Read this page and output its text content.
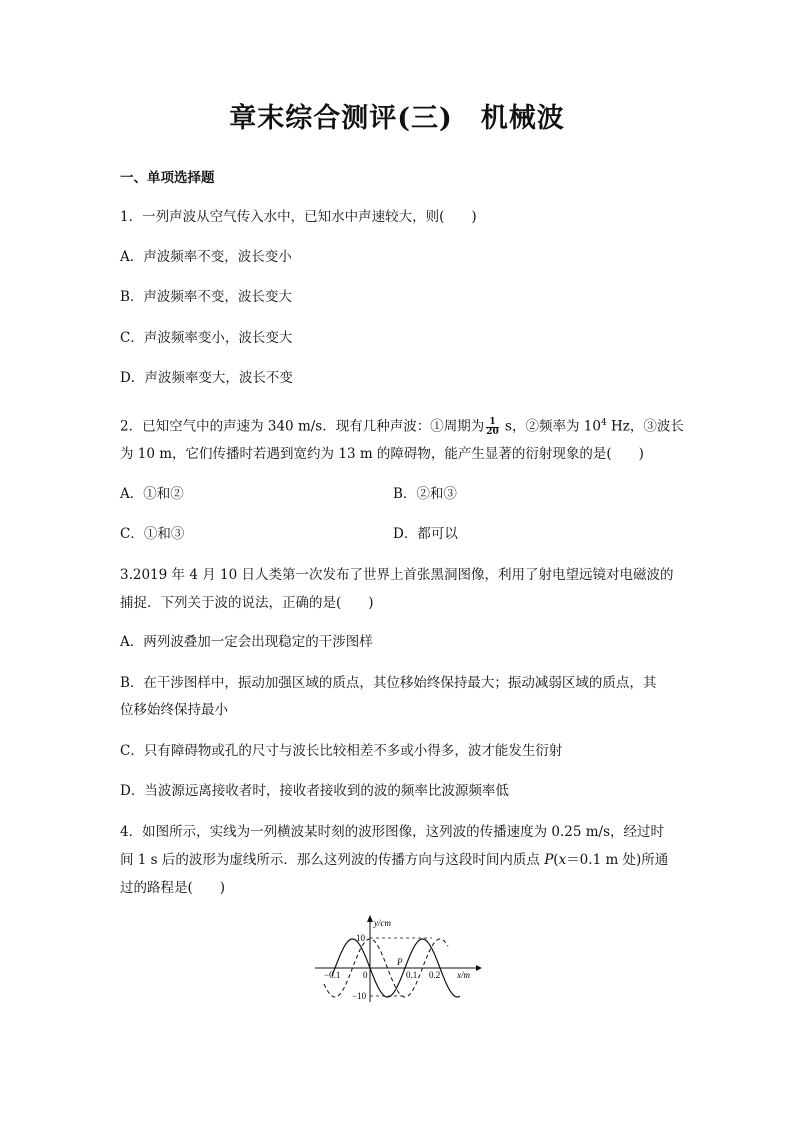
章末综合测评(三)　机械波
一、单项选择题
1．一列声波从空气传入水中，已知水中声速较大，则(　　)
A．声波频率不变，波长变小
B．声波频率不变，波长变大
C．声波频率变小，波长变大
D．声波频率变大，波长不变
2．已知空气中的声速为 340 m/s．现有几种声波：①周期为 $\frac{1}{20}$ s，②频率为 $10^4$ Hz，③波长
为 10 m，它们传播时若遇到宽约为 13 m 的障碍物，能产生显著的衍射现象的是(　　)
A．①和②	B．②和③
C．①和③	D．都可以
3.2019 年 4 月 10 日人类第一次发布了世界上首张黑洞图像，利用了射电望远镜对电磁波的
捕捉．下列关于波的说法，正确的是(　　)
A．两列波叠加一定会出现稳定的干涉图样
B．在干涉图样中，振动加强区域的质点，其位移始终保持最大；振动减弱区域的质点，其
位移始终保持最小
C．只有障碍物或孔的尺寸与波长比较相差不多或小得多，波才能发生衍射
D．当波源远离接收者时，接收者接收到的波的频率比波源频率低
4．如图所示，实线为一列横波某时刻的波形图像，这列波的传播速度为 0.25 m/s，经过时
间 1 s 后的波形为虚线所示．那么这列波的传播方向与这段时间内质点 P(x＝0.1 m 处)所通
过的路程是(　　)
y/cm
x/m
10
−10
−0.1	0	0.1 0.2
P
